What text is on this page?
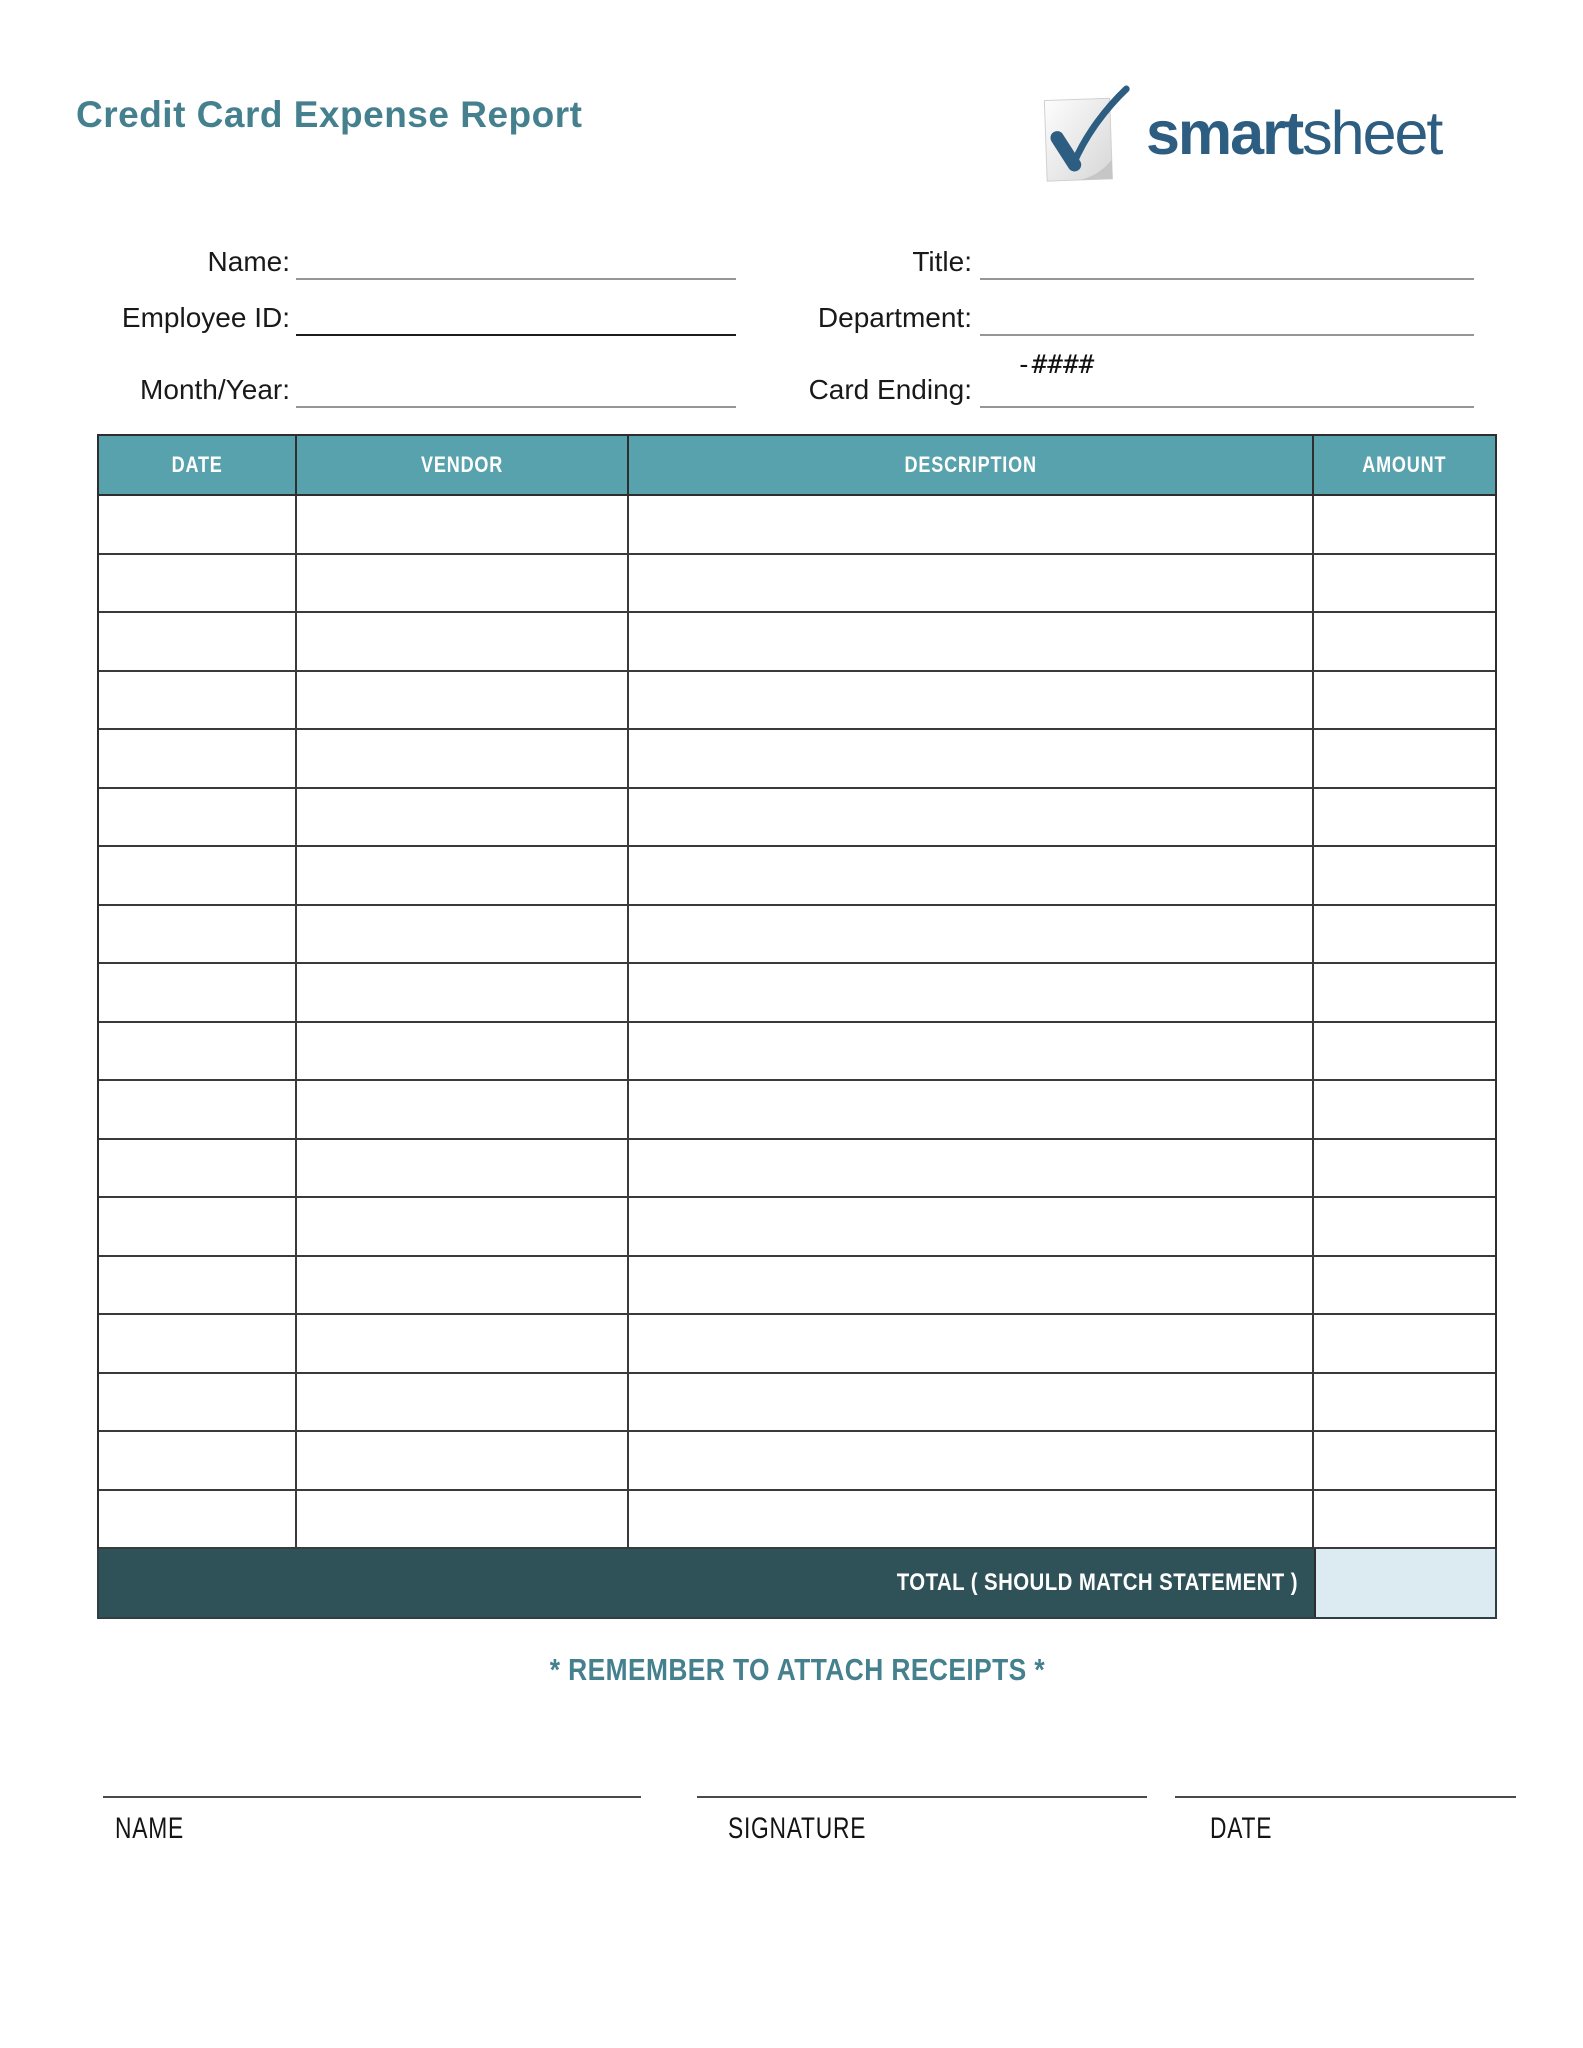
Credit Card Expense Report	smartsheet
Name:	Title:
Employee ID:	Department:
Month/Year:	Card Ending:
-####
DATE	VENDOR	DESCRIPTION	AMOUNT
TOTAL ( SHOULD MATCH STATEMENT )
* REMEMBER TO ATTACH RECEIPTS *
NAME	SIGNATURE	DATE
